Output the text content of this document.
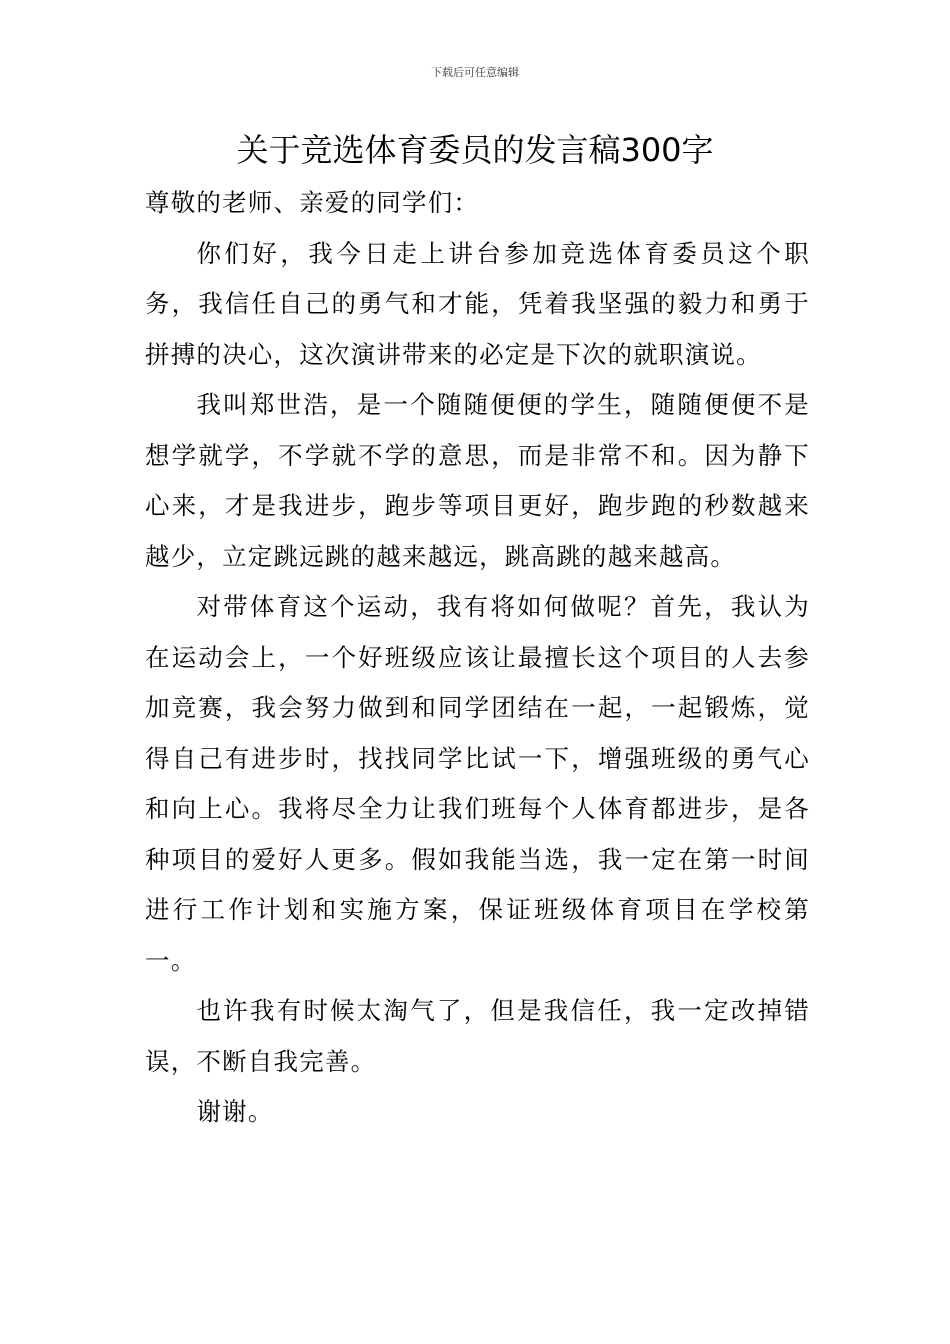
下载后可任意编辑
关于竞选体育委员的发言稿300字

尊敬的老师、亲爱的同学们：

你们好，我今日走上讲台参加竞选体育委员这个职务，我信任自己的勇气和才能，凭着我坚强的毅力和勇于拼搏的决心，这次演讲带来的必定是下次的就职演说。

我叫郑世浩，是一个随随便便的学生，随随便便不是想学就学，不学就不学的意思，而是非常不和。因为静下心来，才是我进步，跑步等项目更好，跑步跑的秒数越来越少，立定跳远跳的越来越远，跳高跳的越来越高。

对带体育这个运动，我有将如何做呢？首先，我认为在运动会上，一个好班级应该让最擅长这个项目的人去参加竞赛，我会努力做到和同学团结在一起，一起锻炼，觉得自己有进步时，找找同学比试一下，增强班级的勇气心和向上心。我将尽全力让我们班每个人体育都进步，是各种项目的爱好人更多。假如我能当选，我一定在第一时间进行工作计划和实施方案，保证班级体育项目在学校第一。

也许我有时候太淘气了，但是我信任，我一定改掉错误，不断自我完善。

谢谢。
